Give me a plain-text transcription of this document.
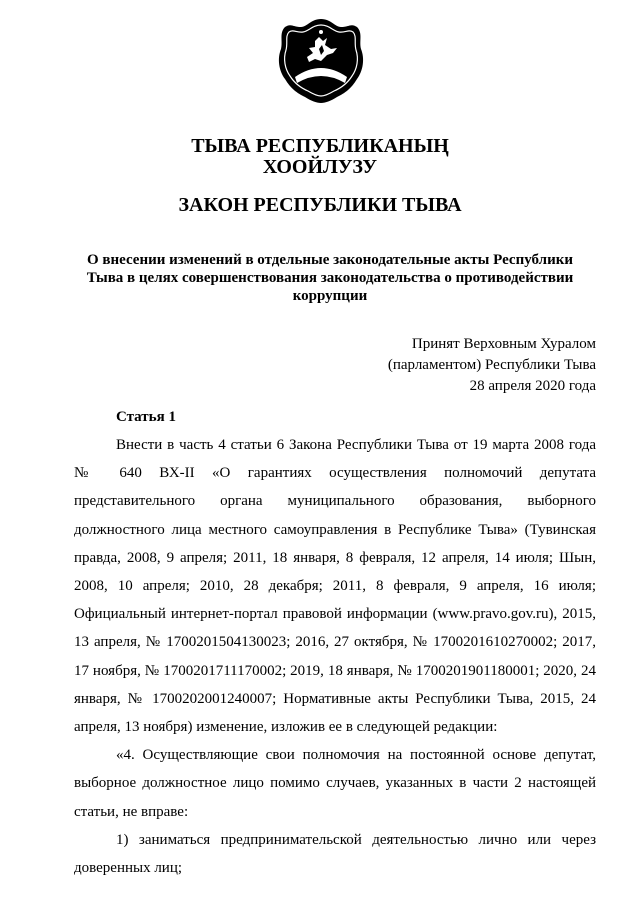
ТЫВА РЕСПУБЛИКАНЫҢ
ХООЙЛУЗУ
ЗАКОН РЕСПУБЛИКИ ТЫВА
О внесении изменений в отдельные законодательные акты Республики Тыва в целях совершенствования законодательства о противодействии коррупции
Принят Верховным Хуралом
(парламентом) Республики Тыва
28 апреля 2020 года
Статья 1

Внести в часть 4 статьи 6 Закона Республики Тыва от 19 марта 2008 года № 640 ВХ-II «О гарантиях осуществления полномочий депутата представительного органа муниципального образования, выборного должностного лица местного самоуправления в Республике Тыва» (Тувинская правда, 2008, 9 апреля; 2011, 18 января, 8 февраля, 12 апреля, 14 июля; Шын, 2008, 10 апреля; 2010, 28 декабря; 2011, 8 февраля, 9 апреля, 16 июля; Официальный интернет-портал правовой информации (www.pravo.gov.ru), 2015, 13 апреля, № 1700201504130023; 2016, 27 октября, № 1700201610270002; 2017, 17 ноября, № 1700201711170002; 2019, 18 января, № 1700201901180001; 2020, 24 января, № 1700202001240007; Нормативные акты Республики Тыва, 2015, 24 апреля, 13 ноября) изменение, изложив ее в следующей редакции:

«4. Осуществляющие свои полномочия на постоянной основе депутат, выборное должностное лицо помимо случаев, указанных в части 2 настоящей статьи, не вправе:

1) заниматься предпринимательской деятельностью лично или через доверенных лиц;
